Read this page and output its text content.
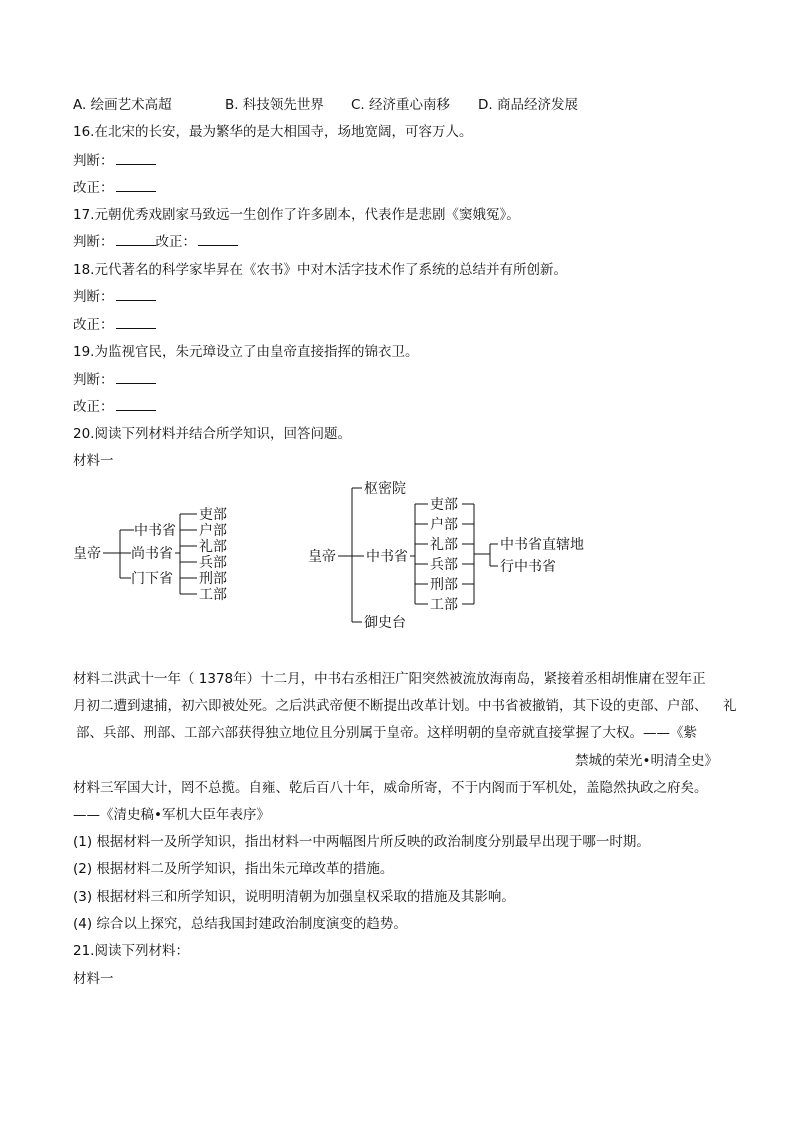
A. 绘画艺术高超	B. 科技领先世界 C. 经济重心南移 D. 商品经济发展
16.在北宋的长安，最为繁华的是大相国寺，场地宽阔，可容万人。
判断：
改正：
17.元朝优秀戏剧家马致远一生创作了许多剧本，代表作是悲剧《窦娥冤》。
判断：	改正：
18.元代著名的科学家毕昇在《农书》中对木活字技术作了系统的总结并有所创新。
判断：
改正：
19.为监视官民，朱元璋设立了由皇帝直接指挥的锦衣卫。
判断：
改正：
20.阅读下列材料并结合所学知识，回答问题。
材料一
皇帝
中书省
尚书省
门下省
吏部
户部
礼部
兵部
刑部
工部
皇帝
枢密院
中书省
御史台
吏部
户部
礼部
兵部
刑部
工部
中书省直辖地
行中书省
材料二洪武十一年（ 1378年）十二月，中书右丞相汪广阳突然被流放海南岛，紧接着丞相胡惟庸在翌年正
月初二遭到逮捕，初六即被处死。之后洪武帝便不断提出改革计划。中书省被撤销，其下设的吏部、户部、 礼
部、兵部、刑部、工部六部获得独立地位且分别属于皇帝。这样明朝的皇帝就直接掌握了大权。——《紫
禁城的荣光•明清全史》
材料三军国大计，罔不总揽。自雍、乾后百八十年，威命所寄，不于内阁而于军机处，盖隐然执政之府矣。
——《清史稿•军机大臣年表序》
(1) 根据材料一及所学知识，指出材料一中两幅图片所反映的政治制度分别最早出现于哪一时期。
(2) 根据材料二及所学知识，指出朱元璋改革的措施。
(3) 根据材料三和所学知识，说明明清朝为加强皇权采取的措施及其影响。
(4) 综合以上探究，总结我国封建政治制度演变的趋势。
21.阅读下列材料：
材料一
